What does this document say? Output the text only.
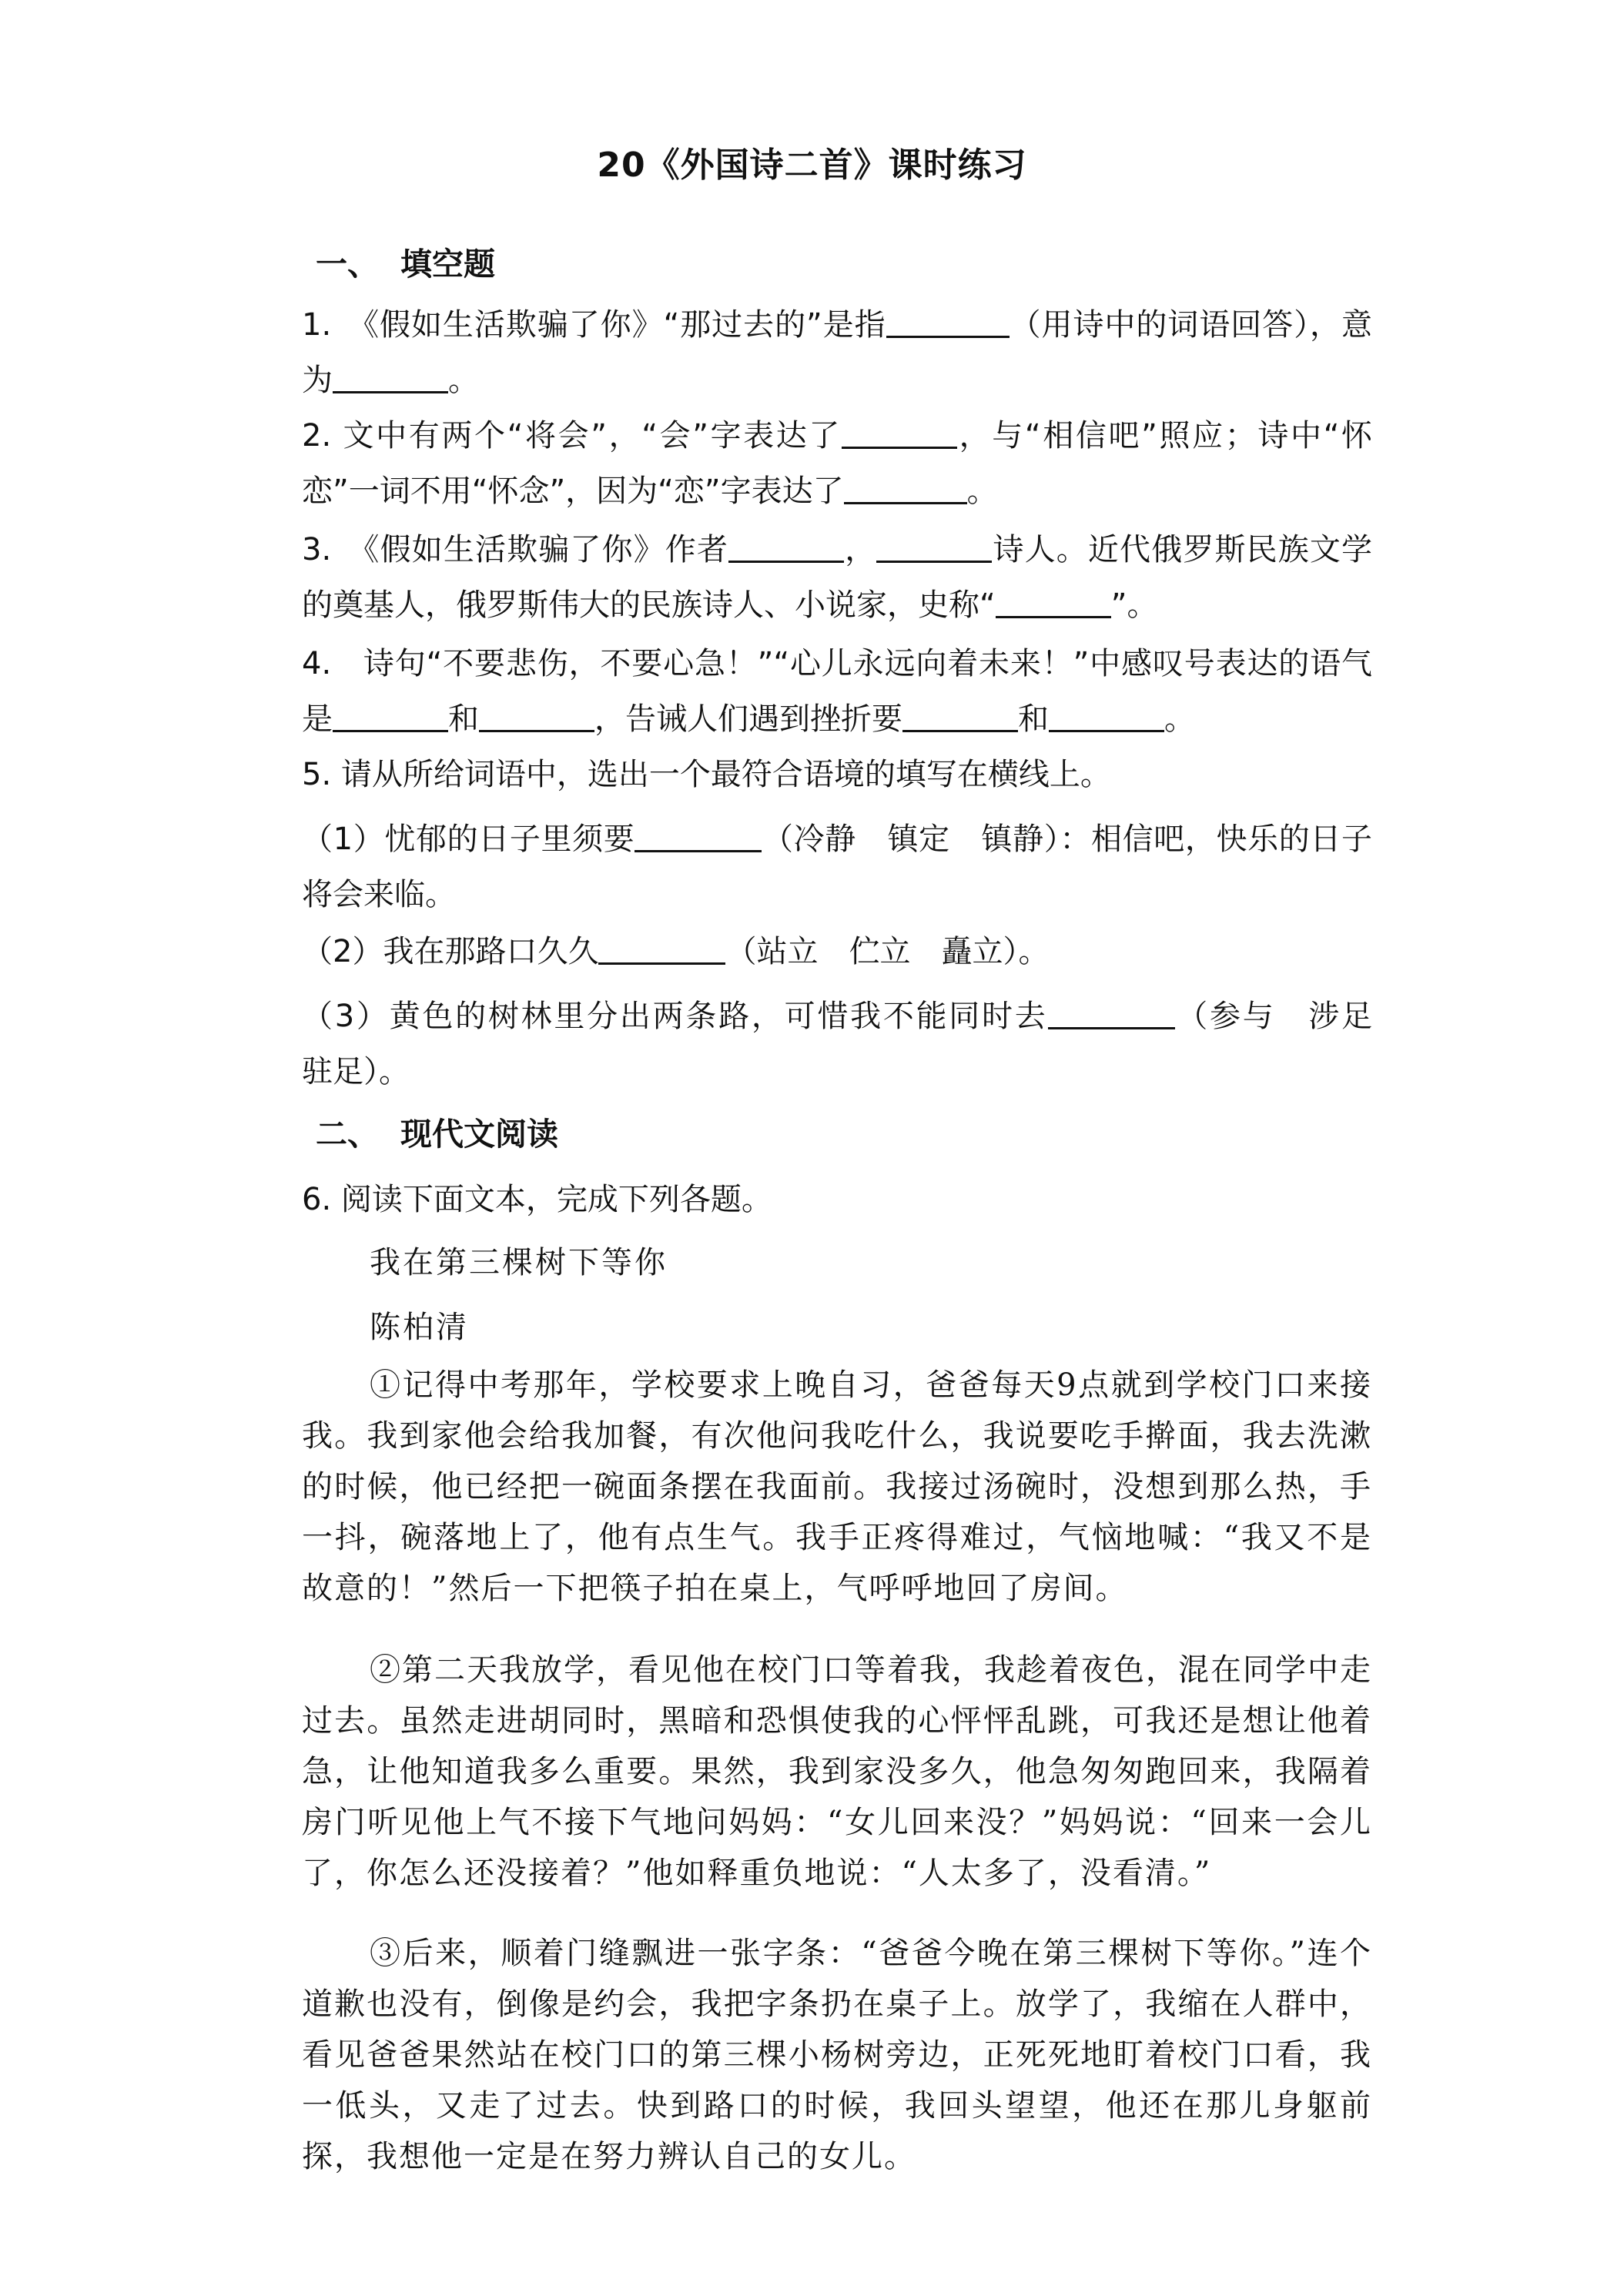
20《外国诗二首》课时练习
一、 填空题
1.　《假如生活欺骗了你》“那过去的”是指	（用诗中的词语回答），意为	。
2. 文中有两个“将会”，“会”字表达了	，与“相信吧”照应；诗中“怀恋”一词不用“怀念”，因为“恋”字表达了	。
3.　《假如生活欺骗了你》作者	，	诗人。近代俄罗斯民族文学的奠基人，俄罗斯伟大的民族诗人、小说家，史称“	”。
4.　诗句“不要悲伤，不要心急！”“心儿永远向着未来！”中感叹号表达的语气是	和	，告诫人们遇到挫折要	和	。
5. 请从所给词语中，选出一个最符合语境的填写在横线上。
（1）忧郁的日子里须要	（冷静　镇定　镇静）：相信吧，快乐的日子将会来临。
（2）我在那路口久久	（站立　伫立　矗立）。
（3）黄色的树林里分出两条路，可惜我不能同时去	（参与　涉足　驻足）。
二、 现代文阅读
6. 阅读下面文本，完成下列各题。
我在第三棵树下等你
陈柏清
①记得中考那年，学校要求上晚自习，爸爸每天9点就到学校门口来接我。我到家他会给我加餐，有次他问我吃什么，我说要吃手擀面，我去洗漱的时候，他已经把一碗面条摆在我面前。我接过汤碗时，没想到那么热，手一抖，碗落地上了，他有点生气。我手正疼得难过，气恼地喊：“我又不是故意的！”然后一下把筷子拍在桌上，气呼呼地回了房间。
②第二天我放学，看见他在校门口等着我，我趁着夜色，混在同学中走过去。虽然走进胡同时，黑暗和恐惧使我的心怦怦乱跳，可我还是想让他着急，让他知道我多么重要。果然，我到家没多久，他急匆匆跑回来，我隔着房门听见他上气不接下气地问妈妈：“女儿回来没？”妈妈说：“回来一会儿了，你怎么还没接着？”他如释重负地说：“人太多了，没看清。”
③后来，顺着门缝飘进一张字条：“爸爸今晚在第三棵树下等你。”连个道歉也没有，倒像是约会，我把字条扔在桌子上。放学了，我缩在人群中，看见爸爸果然站在校门口的第三棵小杨树旁边，正死死地盯着校门口看，我一低头，又走了过去。快到路口的时候，我回头望望，他还在那儿身躯前探，我想他一定是在努力辨认自己的女儿。
